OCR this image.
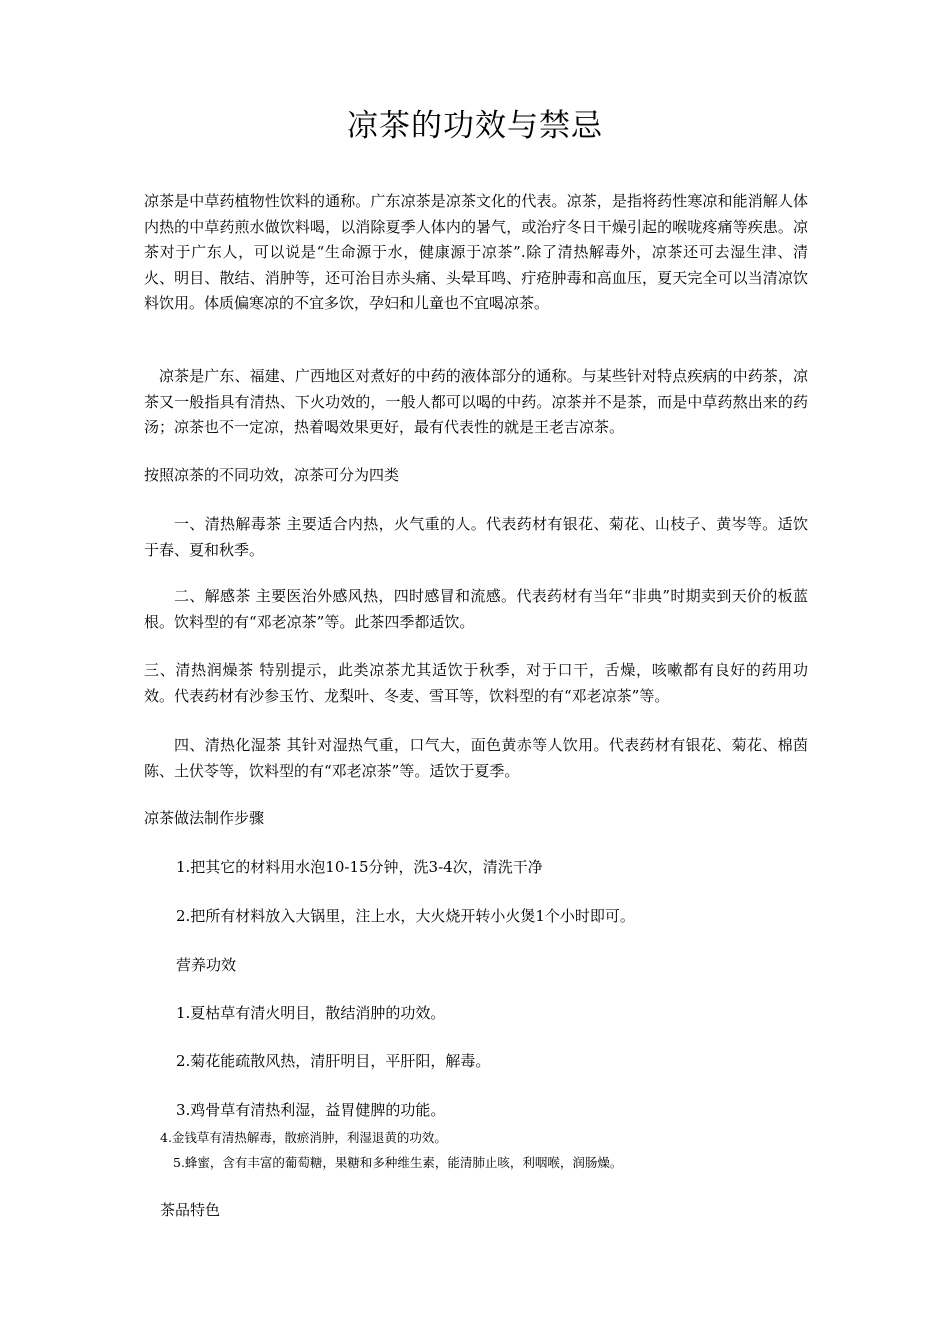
凉茶的功效与禁忌

凉茶是中草药植物性饮料的通称。广东凉茶是凉茶文化的代表。凉茶，是指将药性寒凉和能消解人体内热的中草药煎水做饮料喝，以消除夏季人体内的暑气，或治疗冬日干燥引起的喉咙疼痛等疾患。凉茶对于广东人，可以说是“生命源于水，健康源于凉茶”.除了清热解毒外，凉茶还可去湿生津、清火、明目、散结、消肿等，还可治目赤头痛、头晕耳鸣、疔疮肿毒和高血压，夏天完全可以当清凉饮料饮用。体质偏寒凉的不宜多饮，孕妇和儿童也不宜喝凉茶。

凉茶是广东、福建、广西地区对煮好的中药的液体部分的通称。与某些针对特点疾病的中药茶，凉茶又一般指具有清热、下火功效的，一般人都可以喝的中药。凉茶并不是茶，而是中草药熬出来的药汤；凉茶也不一定凉，热着喝效果更好，最有代表性的就是王老吉凉茶。

按照凉茶的不同功效，凉茶可分为四类

一、清热解毒茶 主要适合内热，火气重的人。代表药材有银花、菊花、山枝子、黄岑等。适饮于春、夏和秋季。

二、解感茶 主要医治外感风热，四时感冒和流感。代表药材有当年“非典”时期卖到天价的板蓝根。饮料型的有“邓老凉茶”等。此茶四季都适饮。

三、清热润燥茶 特别提示，此类凉茶尤其适饮于秋季，对于口干，舌燥，咳嗽都有良好的药用功效。代表药材有沙参玉竹、龙梨叶、冬麦、雪耳等，饮料型的有“邓老凉茶”等。

四、清热化湿茶 其针对湿热气重，口气大，面色黄赤等人饮用。代表药材有银花、菊花、棉茵陈、土伏苓等，饮料型的有“邓老凉茶”等。适饮于夏季。

凉茶做法制作步骤

1.把其它的材料用水泡10-15分钟，洗3-4次，清洗干净
2.把所有材料放入大锅里，注上水，大火烧开转小火煲1个小时即可。
营养功效
1.夏枯草有清火明目，散结消肿的功效。
2.菊花能疏散风热，清肝明目，平肝阳，解毒。
3.鸡骨草有清热利湿，益胃健脾的功能。
4.金钱草有清热解毒，散瘀消肿，利湿退黄的功效。
5.蜂蜜，含有丰富的葡萄糖，果糖和多种维生素，能清肺止咳，利咽喉，润肠燥。
茶品特色
